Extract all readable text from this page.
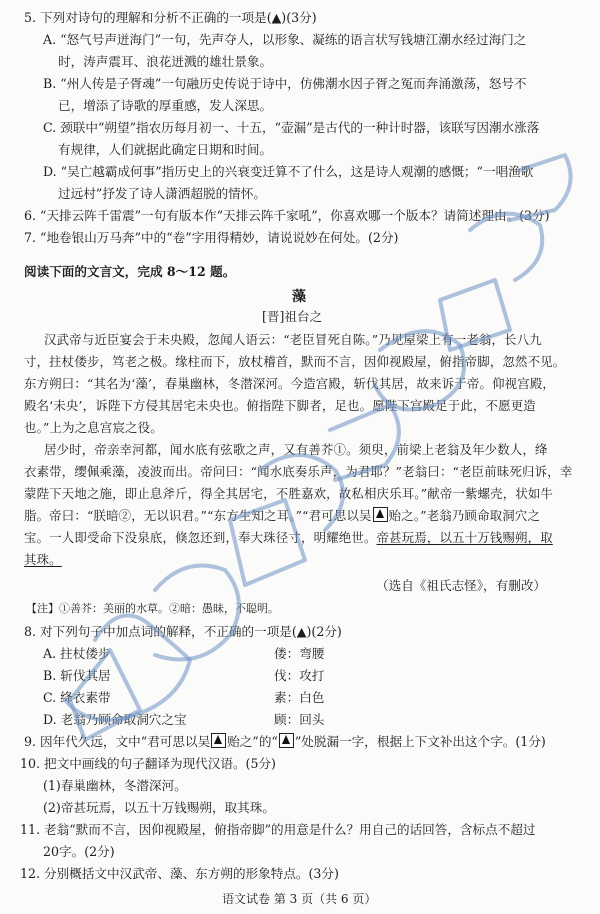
5. 下列对诗句的理解和分析不正确的一项是(▲)(3分)
A. “怒气号声迸海门”一句，先声夺人，以形象、凝练的语言状写钱塘江潮水经过海门之
时，涛声震耳、浪花迸溅的雄壮景象。
B. “州人传是子胥魂”一句融历史传说于诗中，仿佛潮水因子胥之冤而奔涌激荡，怒号不
已，增添了诗歌的厚重感，发人深思。
C. 颈联中“朔望”指农历每月初一、十五，“壶漏”是古代的一种计时器，该联写因潮水涨落
有规律，人们就据此确定日期和时间。
D. “吴亡越霸成何事”指历史上的兴衰变迁算不了什么，这是诗人观潮的感慨；“一唱渔歌
过远村”抒发了诗人潇洒超脱的情怀。
6. “天排云阵千雷震”一句有版本作“天排云阵千家吼”，你喜欢哪一个版本？请简述理由。(3分)
7. “地卷银山万马奔”中的“卷”字用得精妙，请说说妙在何处。(2分)
阅读下面的文言文，完成 8～12 题。
藻
[晋]祖台之
汉武帝与近臣宴会于未央殿，忽闻人语云：“老臣冒死自陈。”乃见屋梁上有一老翁，长八九
寸，拄杖偻步，笃老之极。缘柱而下，放杖稽首，默而不言，因仰视殿屋，俯指帝脚，忽然不见。
东方朔曰：“其名为‘藻’，春巢幽林，冬潜深河。今造宫殿，斩伐其居，故来诉于帝。仰视宫殿，
殿名‘未央’，诉陛下方侵其居宅未央也。俯指陛下脚者，足也。愿陛下宫殿足于此，不愿更造
也。”上为之息宫宸之役。
居少时，帝亲幸河都，闻水底有弦歌之声，又有善芥①。须臾，前梁上老翁及年少数人，绛
衣素带，缨佩乘藻，凌波而出。帝问曰：“闻水底奏乐声，为君耶？”老翁曰：“老臣前昧死归诉，幸
蒙陛下天地之施，即止息斧斤，得全其居宅，不胜嘉欢，故私相庆乐耳。”献帝一紫螺壳，状如牛
脂。帝曰：“朕暗②，无以识君。”“东方生知之耳。”“君可思以吴 贻之。”老翁乃顾命取洞穴之
宝。一人即受命下没泉底，倏忽还到，奉大珠径寸，明耀绝世。帝甚玩焉，以五十万钱赐朔，取
其珠。
（选自《祖氏志怪》，有删改）
【注】①善芥：美丽的水草。②暗：愚昧，不聪明。
8. 对下列句子中加点词的解释，不正确的一项是(▲)(2分)
A. 拄杖偻步	偻：弯腰
B. 斩伐其居	伐：攻打
C. 绛衣素带	素：白色
D. 老翁乃顾命取洞穴之宝	顾：回头
9. 因年代久远，文中“君可思以吴 贻之”的“ ”处脱漏一字，根据上下文补出这个字。(1分)
10. 把文中画线的句子翻译为现代汉语。(5分)
(1)春巢幽林，冬潜深河。
(2)帝甚玩焉，以五十万钱赐朔，取其珠。
11. 老翁“默而不言，因仰视殿屋，俯指帝脚”的用意是什么？用自己的话回答，含标点不超过
20字。(2分)
12. 分别概括文中汉武帝、藻、东方朔的形象特点。(3分)
语文试卷 第 3 页（共 6 页）
